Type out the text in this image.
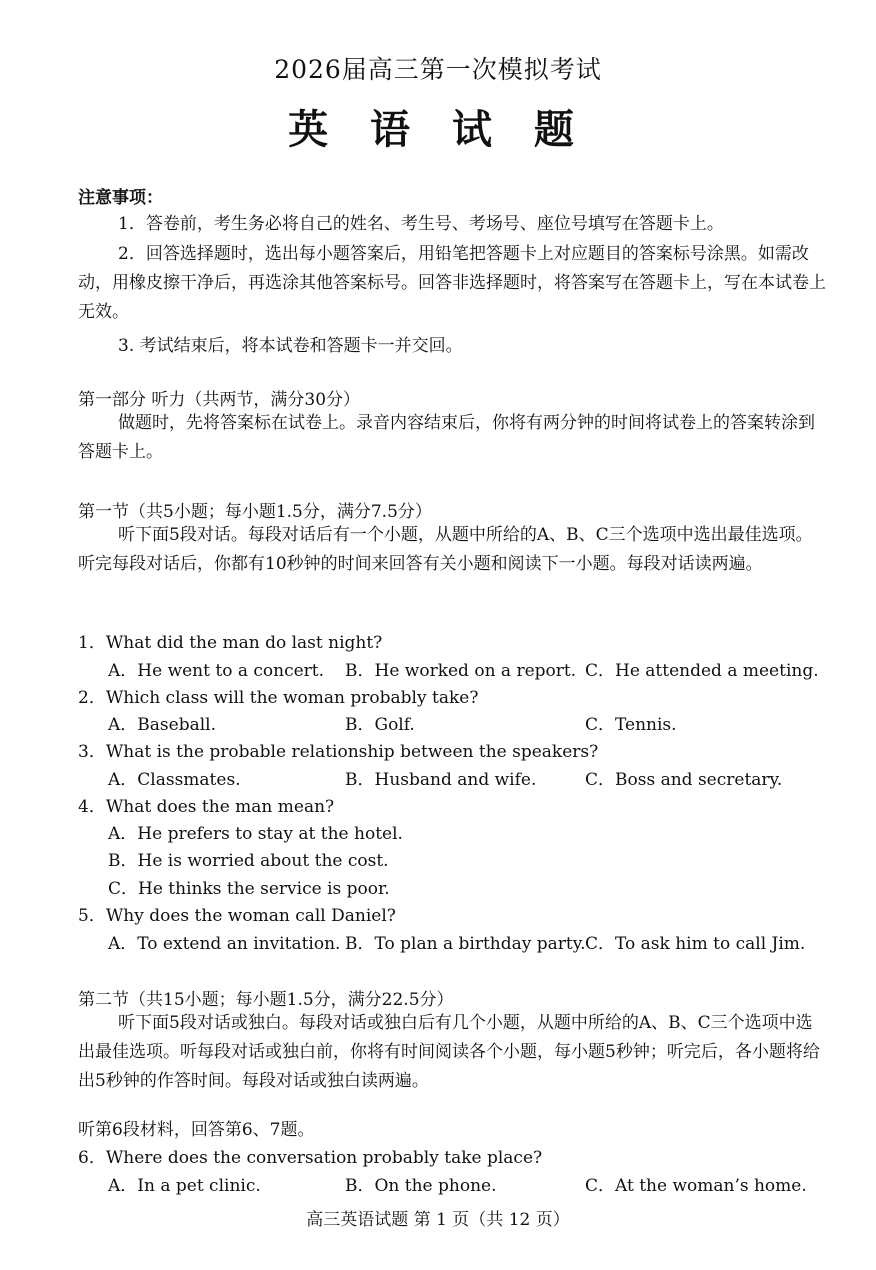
2026届高三第一次模拟考试
英 语 试 题
注意事项：
1．答卷前，考生务必将自己的姓名、考生号、考场号、座位号填写在答题卡上。
2．回答选择题时，选出每小题答案后，用铅笔把答题卡上对应题目的答案标号涂黑。如需改动，用橡皮擦干净后，再选涂其他答案标号。回答非选择题时，将答案写在答题卡上，写在本试卷上无效。
3. 考试结束后，将本试卷和答题卡一并交回。
第一部分 听力（共两节，满分30分）
做题时，先将答案标在试卷上。录音内容结束后，你将有两分钟的时间将试卷上的答案转涂到答题卡上。
第一节（共5小题；每小题1.5分，满分7.5分）
听下面5段对话。每段对话后有一个小题，从题中所给的A、B、C三个选项中选出最佳选项。听完每段对话后，你都有10秒钟的时间来回答有关小题和阅读下一小题。每段对话读两遍。
1．What did the man do last night?
A．He went to a concert. B．He worked on a report. C．He attended a meeting.
2．Which class will the woman probably take?
A．Baseball.	B．Golf.	C．Tennis.
3．What is the probable relationship between the speakers?
A．Classmates.	B．Husband and wife.	C．Boss and secretary.
4．What does the man mean?
A．He prefers to stay at the hotel.
B．He is worried about the cost.
C．He thinks the service is poor.
5．Why does the woman call Daniel?
A．To extend an invitation. B．To plan a birthday party. C．To ask him to call Jim.
第二节（共15小题；每小题1.5分，满分22.5分）
听下面5段对话或独白。每段对话或独白后有几个小题，从题中所给的A、B、C三个选项中选出最佳选项。听每段对话或独白前，你将有时间阅读各个小题，每小题5秒钟；听完后，各小题将给出5秒钟的作答时间。每段对话或独白读两遍。
听第6段材料，回答第6、7题。
6．Where does the conversation probably take place?
A．In a pet clinic.	B．On the phone.	C．At the woman’s home.
高三英语试题 第 1 页（共 12 页）
